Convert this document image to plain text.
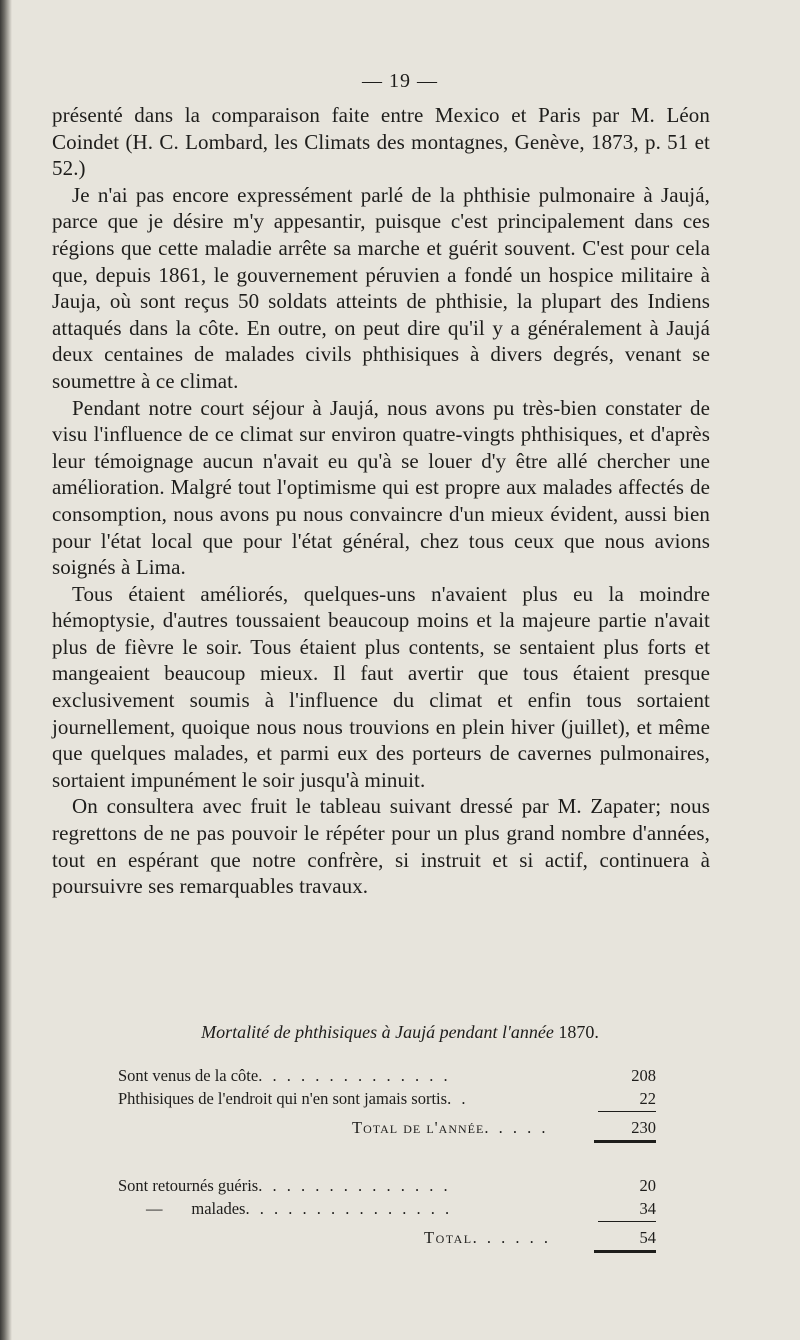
— 19 —

présenté dans la comparaison faite entre Mexico et Paris par M. Léon Coindet (H. C. Lombard, les Climats des montagnes, Genève, 1873, p. 51 et 52.)

Je n'ai pas encore expressément parlé de la phthisie pulmonaire à Jaujá, parce que je désire m'y appesantir, puisque c'est principalement dans ces régions que cette maladie arrête sa marche et guérit souvent. C'est pour cela que, depuis 1861, le gouvernement péruvien a fondé un hospice militaire à Jauja, où sont reçus 50 soldats atteints de phthisie, la plupart des Indiens attaqués dans la côte. En outre, on peut dire qu'il y a généralement à Jaujá deux centaines de malades civils phthisiques à divers degrés, venant se soumettre à ce climat.

Pendant notre court séjour à Jaujá, nous avons pu très-bien constater de visu l'influence de ce climat sur environ quatre-vingts phthisiques, et d'après leur témoignage aucun n'avait eu qu'à se louer d'y être allé chercher une amélioration. Malgré tout l'optimisme qui est propre aux malades affectés de consomption, nous avons pu nous convaincre d'un mieux évident, aussi bien pour l'état local que pour l'état général, chez tous ceux que nous avions soignés à Lima.

Tous étaient améliorés, quelques-uns n'avaient plus eu la moindre hémoptysie, d'autres toussaient beaucoup moins et la majeure partie n'avait plus de fièvre le soir. Tous étaient plus contents, se sentaient plus forts et mangeaient beaucoup mieux. Il faut avertir que tous étaient presque exclusivement soumis à l'influence du climat et enfin tous sortaient journellement, quoique nous nous trouvions en plein hiver (juillet), et même que quelques malades, et parmi eux des porteurs de cavernes pulmonaires, sortaient impunément le soir jusqu'à minuit.

On consultera avec fruit le tableau suivant dressé par M. Zapater; nous regrettons de ne pas pouvoir le répéter pour un plus grand nombre d'années, tout en espérant que notre confrère, si instruit et si actif, continuera à poursuivre ses remarquables travaux.

Mortalité de phthisiques à Jaujá pendant l'année 1870.
Sont venus de la côte. . . . . . . . . . . . . .	208
Phthisiques de l'endroit qui n'en sont jamais sortis. .	22
Total de l'année. . . . .	230
Sont retournés guéris. . . . . . . . . . . . . .	20
—       malades. . . . . . . . . . . . . . .	34
Total. . . . . .	54
